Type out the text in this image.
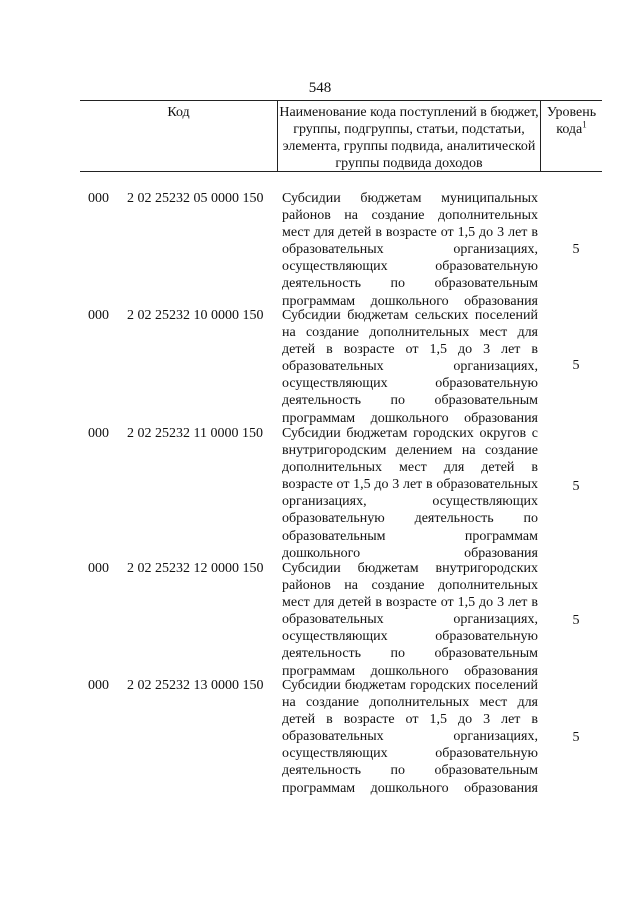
548
Код	Наименование кода поступлений в бюджет, группы, подгруппы, статьи, подстатьи, элемента, группы подвида, аналитической группы подвида доходов
Уровень кода$^1$
000 2 02 25232 05 0000 150 Субсидии бюджетам муниципальных районов на создание дополнительных мест для детей в возрасте от 1,5 до 3 лет в образовательных организациях, осуществляющих образовательную деятельность по образовательным программам дошкольного образования
5
000 2 02 25232 10 0000 150 Субсидии бюджетам сельских поселений на создание дополнительных мест для детей в возрасте от 1,5 до 3 лет в образовательных организациях, осуществляющих образовательную деятельность по образовательным программам дошкольного образования
5
000 2 02 25232 11 0000 150 Субсидии бюджетам городских округов с внутригородским делением на создание дополнительных мест для детей в возрасте от 1,5 до 3 лет в образовательных организациях, осуществляющих образовательную деятельность по образовательным программам дошкольного образования
5
000 2 02 25232 12 0000 150 Субсидии бюджетам внутригородских районов на создание дополнительных мест для детей в возрасте от 1,5 до 3 лет в образовательных организациях, осуществляющих образовательную деятельность по образовательным программам дошкольного образования
5
000 2 02 25232 13 0000 150 Субсидии бюджетам городских поселений на создание дополнительных мест для детей в возрасте от 1,5 до 3 лет в образовательных организациях, осуществляющих образовательную деятельность по образовательным программам дошкольного образования
5
